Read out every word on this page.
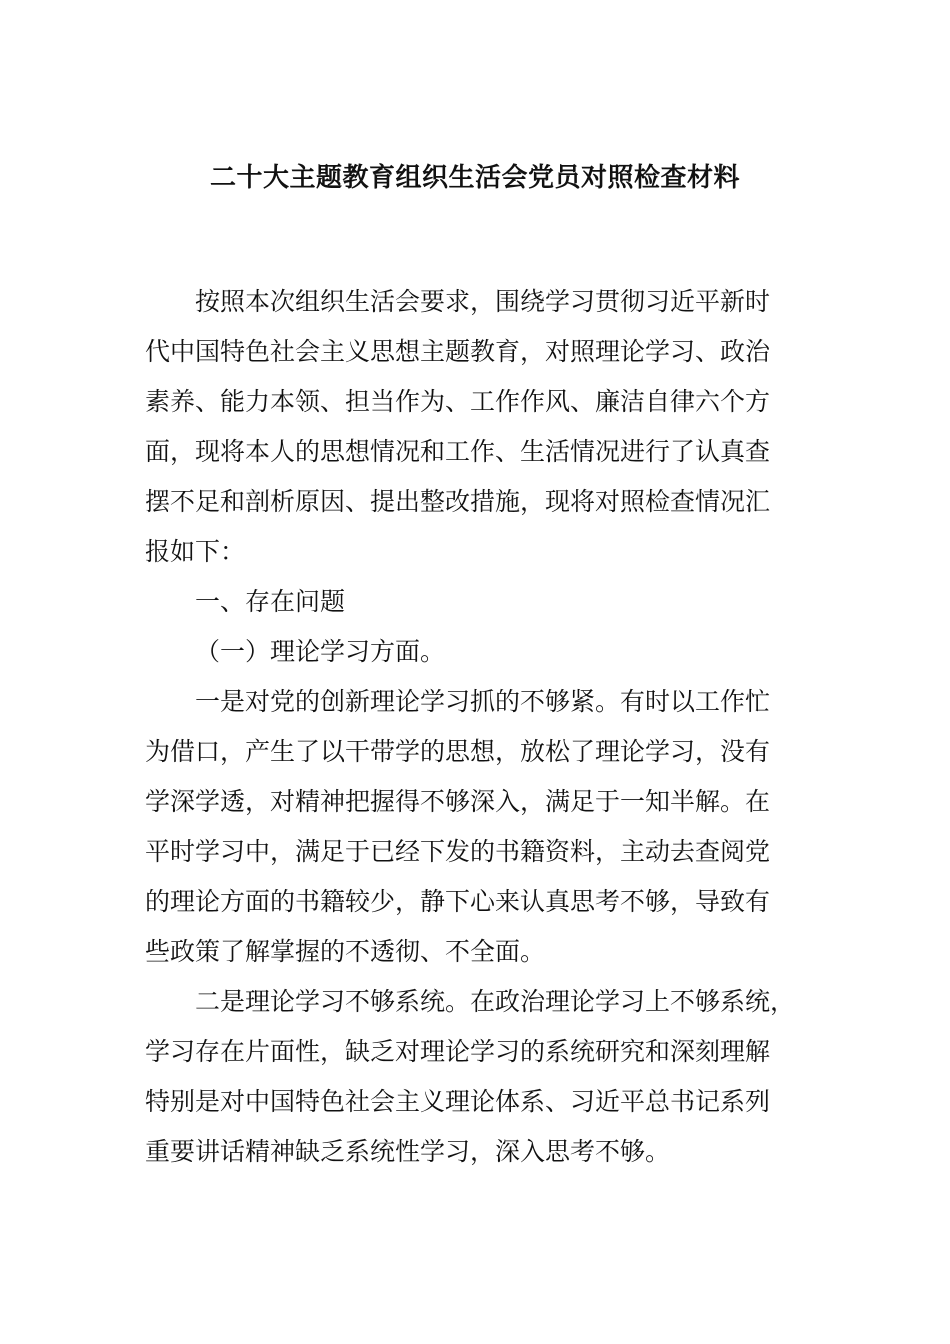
二十大主题教育组织生活会党员对照检查材料

按照本次组织生活会要求，围绕学习贯彻习近平新时
代中国特色社会主义思想主题教育，对照理论学习、政治
素养、能力本领、担当作为、工作作风、廉洁自律六个方
面，现将本人的思想情况和工作、生活情况进行了认真查
摆不足和剖析原因、提出整改措施，现将对照检查情况汇
报如下：

一、存在问题

（一）理论学习方面。

一是对党的创新理论学习抓的不够紧。有时以工作忙
为借口，产生了以干带学的思想，放松了理论学习，没有
学深学透，对精神把握得不够深入，满足于一知半解。在
平时学习中，满足于已经下发的书籍资料，主动去查阅党
的理论方面的书籍较少，静下心来认真思考不够，导致有
些政策了解掌握的不透彻、不全面。

二是理论学习不够系统。在政治理论学习上不够系统，
学习存在片面性，缺乏对理论学习的系统研究和深刻理解
特别是对中国特色社会主义理论体系、习近平总书记系列
重要讲话精神缺乏系统性学习，深入思考不够。
